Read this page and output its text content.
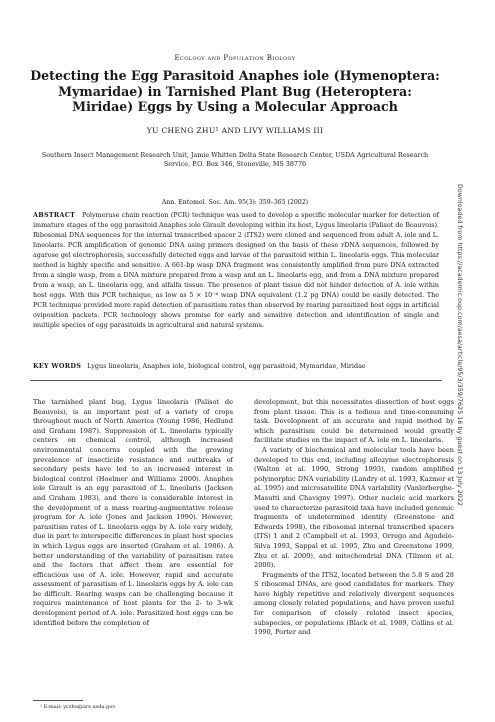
Ecology and Population Biology
Detecting the Egg Parasitoid Anaphes iole (Hymenoptera: Mymaridae) in Tarnished Plant Bug (Heteroptera: Miridae) Eggs by Using a Molecular Approach
YU CHENG ZHU¹ AND LIVY WILLIAMS III
Southern Insect Management Research Unit, Jamie Whitten Delta State Research Center, USDA Agricultural Research Service, P.O. Box 346, Stoneville, MS 38776
Ann. Entomol. Soc. Am. 95(3): 359–365 (2002)
ABSTRACT Polymerase chain reaction (PCR) technique was used to develop a specific molecular marker for detection of immature stages of the egg parasitoid Anaphes iole Girault developing within its host, Lygus lineolaris (Palisot de Beauvois). Ribosomal DNA sequences for the internal transcribed spacer 2 (ITS2) were cloned and sequenced from adult A. iole and L. lineolaris. PCR amplification of genomic DNA using primers designed on the basis of these rDNA sequences, followed by agarose gel electrophoresis, successfully detected eggs and larvae of the parasitoid within L. lineolaris eggs. This molecular method is highly specific and sensitive. A 661-bp wasp DNA fragment was consistently amplified from pure DNA extracted from a single wasp, from a DNA mixture prepared from a wasp and an L. lineolaris egg, and from a DNA mixture prepared from a wasp, an L. lineolaris egg, and alfalfa tissue. The presence of plant tissue did not hinder detection of A. iole within host eggs. With this PCR technique, as low as 5 × 10⁻⁶ wasp DNA equivalent (1.2 pg DNA) could be easily detected. The PCR technique provided more rapid detection of parasitism rates than observed by rearing parasitized host eggs in artificial oviposition packets. PCR technology shows promise for early and sensitive detection and identification of single and multiple species of egg parasitoids in agricultural and natural systems.
KEY WORDS Lygus lineolaris, Anaphes iole, biological control, egg parasitoid, Mymaridae, Miridae

The tarnished plant bug, Lygus lineolaris (Palisot de Beauvois), is an important pest of a variety of crops throughout much of North America (Young 1986, Hedlund and Graham 1987). Suppression of L. lineolaris typically centers on chemical control, although increased environmental concerns coupled with the growing prevalence of insecticide resistance and outbreaks of secondary pests have led to an increased interest in biological control (Hoelmer and Williams 2000). Anaphes iole Girault is an egg parasitoid of L. lineolaris (Jackson and Graham 1983), and there is considerable interest in the development of a mass rearing-augmentative release program for A. iole (Jones and Jackson 1990). However, parasitism rates of L. lineolaris eggs by A. iole vary widely, due in part to interspecific differences in plant host species in which Lygus eggs are inserted (Graham et al. 1986). A better understanding of the variability of parasitism rates and the factors that affect them are essential for efficacious use of A. iole. However, rapid and accurate assessment of parasitism of L. lineolaris eggs by A. iole can be difficult. Rearing wasps can be challenging because it requires maintenance of host plants for the 2- to 3-wk development period of A. iole. Parasitized host eggs can be identified before the completion of

development, but this necessitates dissection of host eggs from plant tissue. This is a tedious and time-consuming task. Development of an accurate and rapid method by which parasitism could be determined would greatly facilitate studies on the impact of A. iole on L. lineolaris.

A variety of biochemical and molecular tools have been developed to this end, including allozyme electrophoresis (Walton et al. 1990, Strong 1993), random amplified polymorphic DNA variability (Landry et al. 1993, Kazmer et al. 1995) and microsatellite DNA variability (Vanlerberghe-Masutti and Chavigny 1997). Other nucleic acid markers used to characterize parasitoid taxa have included genomic fragments of undetermined identity (Greenstone and Edwards 1998), the ribosomal internal transcribed spacers (ITS) 1 and 2 (Campbell et al. 1993, Orrego and Agudelo-Silva 1993, Sappal et al. 1995, Zhu and Greenstone 1999, Zhu et al. 2000), and mitochondrial DNA (Tilmon et al. 2000).

Fragments of the ITS2, located between the 5.8 S and 28 S ribosomal DNAs, are good candidates for markers. They have highly repetitive and relatively divergent sequences among closely related populations, and have proven useful for comparison of closely related insect species, subspecies, or populations (Black et al. 1989, Collins et al. 1990, Porter and

¹ E-mail: yczhu@ars.usda.gov.
Downloaded from https://academic.oup.com/aesa/article/95/3/359/7625 16 by guest on 13 July 2022
